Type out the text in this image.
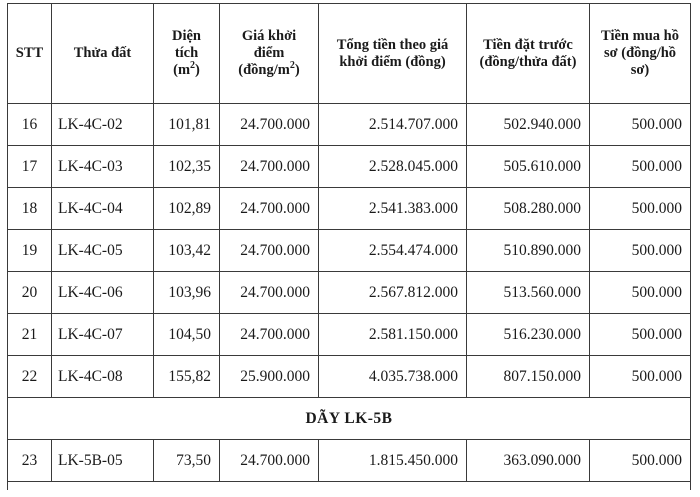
STT	Thửa đất	Diện tích $(m^2)$	Giá khởi điểm $(đồng/m^2)$	Tổng tiền theo giá khởi điểm (đồng)	Tiền đặt trước (đồng/thửa đất)	Tiền mua hồ sơ (đồng/hồ sơ)
16	LK-4C-02	101,81	24.700.000	2.514.707.000	502.940.000	500.000
17	LK-4C-03	102,35	24.700.000	2.528.045.000	505.610.000	500.000
18	LK-4C-04	102,89	24.700.000	2.541.383.000	508.280.000	500.000
19	LK-4C-05	103,42	24.700.000	2.554.474.000	510.890.000	500.000
20	LK-4C-06	103,96	24.700.000	2.567.812.000	513.560.000	500.000
21	LK-4C-07	104,50	24.700.000	2.581.150.000	516.230.000	500.000
22	LK-4C-08	155,82	25.900.000	4.035.738.000	807.150.000	500.000
DÃY LK-5B						
23	LK-5B-05	73,50	24.700.000	1.815.450.000	363.090.000	500.000
